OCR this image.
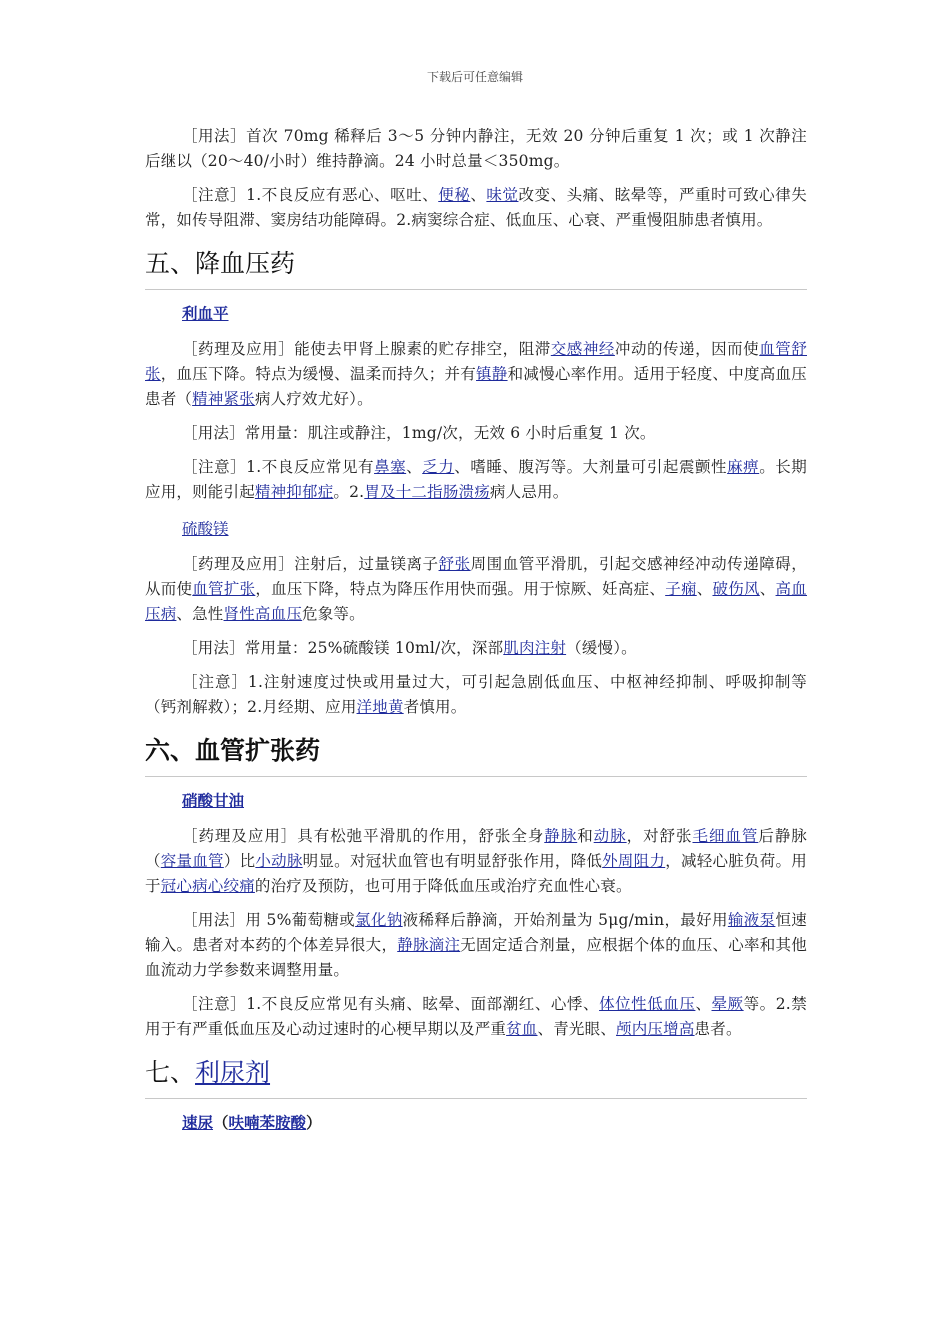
下载后可任意编辑

［用法］首次 70mg 稀释后 3～5 分钟内静注，无效 20 分钟后重复 1 次；或 1 次静注后继以（20～40/小时）维持静滴。24 小时总量＜350mg。

［注意］1.不良反应有恶心、呕吐、便秘、味觉改变、头痛、眩晕等，严重时可致心律失常，如传导阻滞、窦房结功能障碍。2.病窦综合症、低血压、心衰、严重慢阻肺患者慎用。

五、降血压药
利血平

［药理及应用］能使去甲肾上腺素的贮存排空，阻滞交感神经冲动的传递，因而使血管舒张，血压下降。特点为缓慢、温柔而持久；并有镇静和减慢心率作用。适用于轻度、中度高血压患者（精神紧张病人疗效尤好）。

［用法］常用量：肌注或静注，1mg/次，无效 6 小时后重复 1 次。

［注意］1.不良反应常见有鼻塞、乏力、嗜睡、腹泻等。大剂量可引起震颤性麻痹。长期应用，则能引起精神抑郁症。2.胃及十二指肠溃疡病人忌用。

硫酸镁

［药理及应用］注射后，过量镁离子舒张周围血管平滑肌，引起交感神经冲动传递障碍，从而使血管扩张，血压下降，特点为降压作用快而强。用于惊厥、妊高症、子痫、破伤风、高血压病、急性肾性高血压危象等。

［用法］常用量：25%硫酸镁 10ml/次，深部肌肉注射（缓慢）。

［注意］1.注射速度过快或用量过大，可引起急剧低血压、中枢神经抑制、呼吸抑制等（钙剂解救）；2.月经期、应用洋地黄者慎用。

六、血管扩张药
硝酸甘油

［药理及应用］具有松弛平滑肌的作用，舒张全身静脉和动脉，对舒张毛细血管后静脉（容量血管）比小动脉明显。对冠状血管也有明显舒张作用，降低外周阻力，减轻心脏负荷。用于冠心病心绞痛的治疗及预防，也可用于降低血压或治疗充血性心衰。

［用法］用 5%葡萄糖或氯化钠液稀释后静滴，开始剂量为 5μg/min，最好用输液泵恒速输入。患者对本药的个体差异很大，静脉滴注无固定适合剂量，应根据个体的血压、心率和其他血流动力学参数来调整用量。

［注意］1.不良反应常见有头痛、眩晕、面部潮红、心悸、体位性低血压、晕厥等。2.禁用于有严重低血压及心动过速时的心梗早期以及严重贫血、青光眼、颅内压增高患者。

七、利尿剂
速尿（呋喃苯胺酸）
